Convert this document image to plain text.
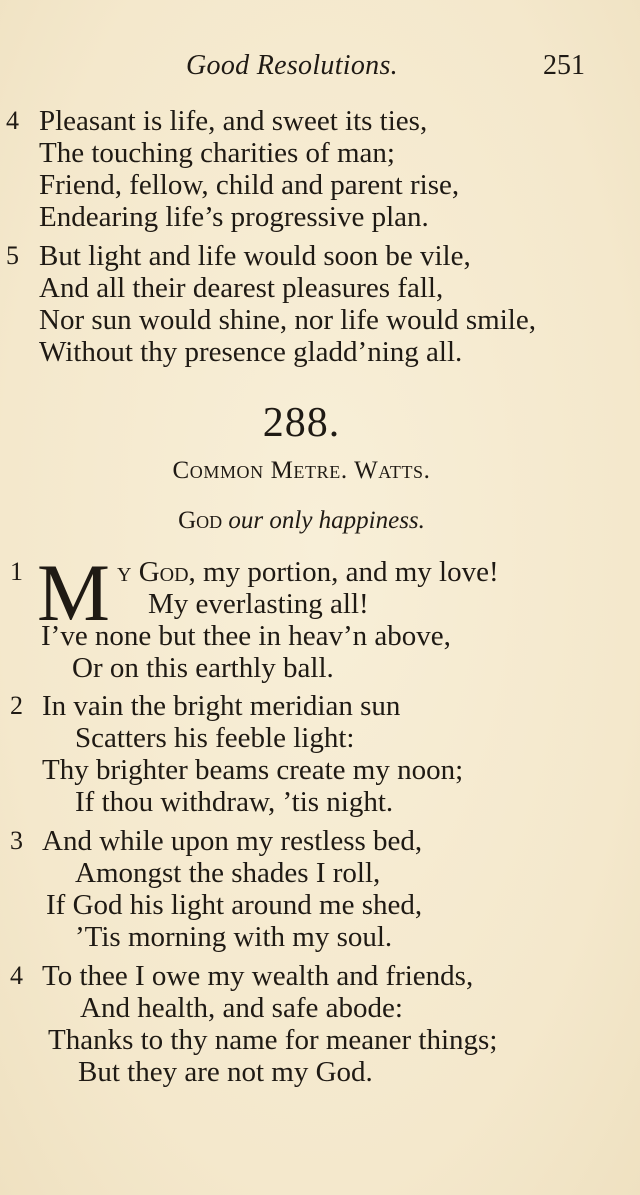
Good Resolutions.	251
4 Pleasant is life, and sweet its ties,
The touching charities of man;
Friend, fellow, child and parent rise,
Endearing life’s progressive plan.
5 But light and life would soon be vile,
And all their dearest pleasures fall,
Nor sun would shine, nor life would smile,
Without thy presence gladd’ning all.
288.
Common Metre. Watts.
God our only happiness.
1 M y God, my portion, and my love!
My everlasting all!
I’ve none but thee in heav’n above,
Or on this earthly ball.
2 In vain the bright meridian sun
Scatters his feeble light:
Thy brighter beams create my noon;
If thou withdraw, ’tis night.
3 And while upon my restless bed,
Amongst the shades I roll,
If God his light around me shed,
’Tis morning with my soul.
4 To thee I owe my wealth and friends,
And health, and safe abode:
Thanks to thy name for meaner things;
But they are not my God.
